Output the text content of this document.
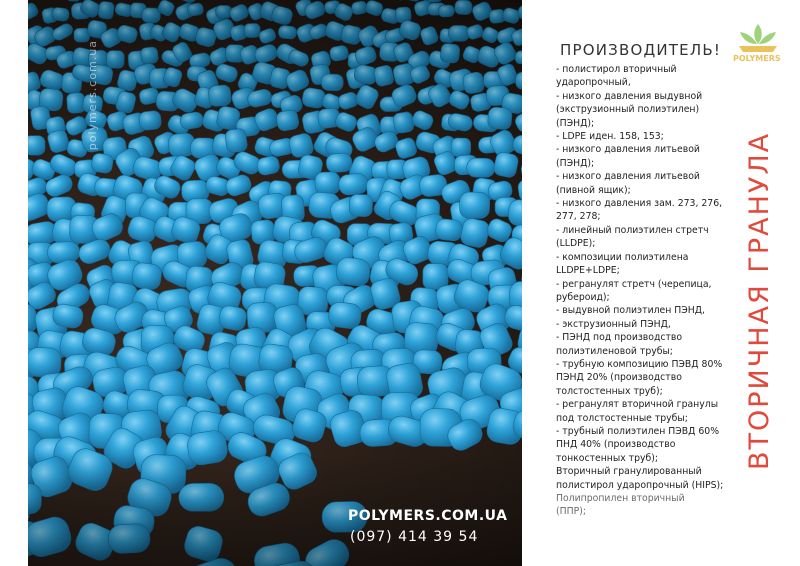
polymers.com.ua
POLYMERS.COM.UA
(097) 414 39 54
POLYMERS
ПРОИЗВОДИТЕЛЬ!
- полистирол вторичный
ударопрочный,
- низкого давления выдувной
(экструзионный полиэтилен)
(ПЭНД);
- LDPE иден. 158, 153;
- низкого давления литьевой
(ПЭНД);
- низкого давления литьевой
(пивной ящик);
- низкого давления зам. 273, 276,
277, 278;
- линейный полиэтилен стретч
(LLDPE);
- композиции полиэтилена
LLDPE+LDPE;
- регранулят стретч (черепица,
рубероид);
- выдувной полиэтилен ПЭНД,
- экструзионный ПЭНД,
- ПЭНД под производство
полиэтиленовой трубы;
- трубную композицию ПЭВД 80%
ПЭНД 20% (производство
толстостенных труб);
- регранулят вторичной гранулы
под толстостенные трубы;
- трубный полиэтилен ПЭВД 60%
ПНД 40% (производство
тонкостенных труб);
Вторичный гранулированный
полистирол ударопрочный (HIPS);
Полипропилен вторичный
(ППР);
ВТОРИЧНАЯ ГРАНУЛА
